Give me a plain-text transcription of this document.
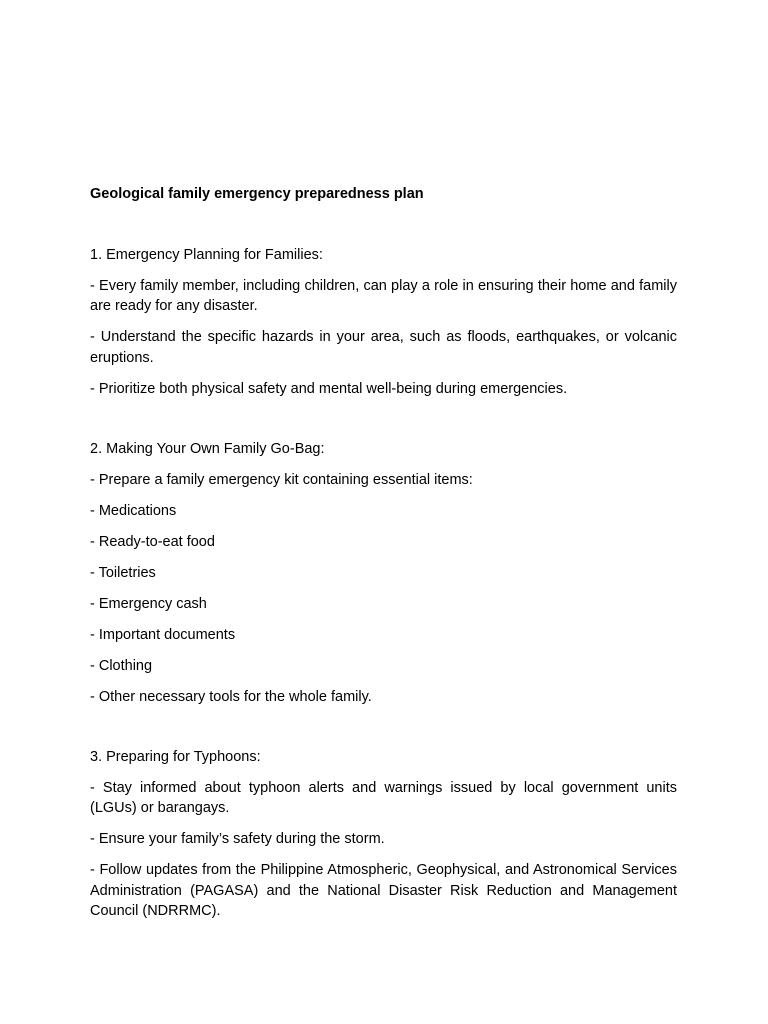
Geological family emergency preparedness plan

1. Emergency Planning for Families:

- Every family member, including children, can play a role in ensuring their home and family are ready for any disaster.

- Understand the specific hazards in your area, such as floods, earthquakes, or volcanic eruptions.

- Prioritize both physical safety and mental well-being during emergencies.

2. Making Your Own Family Go-Bag:

- Prepare a family emergency kit containing essential items:

- Medications

- Ready-to-eat food

- Toiletries

- Emergency cash

- Important documents

- Clothing

- Other necessary tools for the whole family.

3. Preparing for Typhoons:

- Stay informed about typhoon alerts and warnings issued by local government units (LGUs) or barangays.

- Ensure your family’s safety during the storm.

- Follow updates from the Philippine Atmospheric, Geophysical, and Astronomical Services Administration (PAGASA) and the National Disaster Risk Reduction and Management Council (NDRRMC).
